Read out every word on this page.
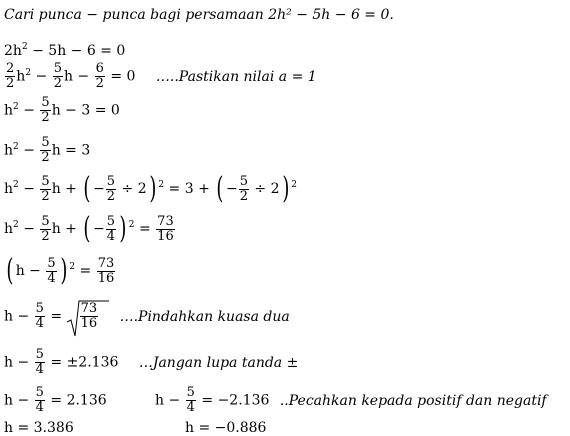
Cari punca − punca bagi persamaan 2h² − 5h − 6 = 0.
$2h^2 - 5h - 6 = 0$
$\frac{2}{2} h^2 - \frac{5}{2}$ $h - \frac{6}{2} = 0$ …..Pastikan nilai a = 1
$h^2 - \frac{5}{2}$ h − 3 = 0
$h^2 - \frac{5}{2}$ h = 3
$h^2 - \frac{5}{2}$ h + ( − $\frac{5}{2} \div 2$) $^2$ = 3 + ( − $\frac{5}{2} \div 2$) $^2$
$h^2 - \frac{5}{2}$ h + ( − $\frac{5}{4}$ ) $^2 = \frac{73}{16}$
( $h - \frac{5}{4}$ ) $^2 = \frac{73}{16}$
$h - \frac{5}{4} = \frac{73}{16}$ ….Pindahkan kuasa dua
$h - \frac{5}{4} = \pm 2.136$ …Jangan lupa tanda ±
$h - \frac{5}{4} = 2.136$	$h - \frac{5}{4} = -2.136$ ..Pecahkan kepada positif dan negatif
h = 3.386	h = −0.886
